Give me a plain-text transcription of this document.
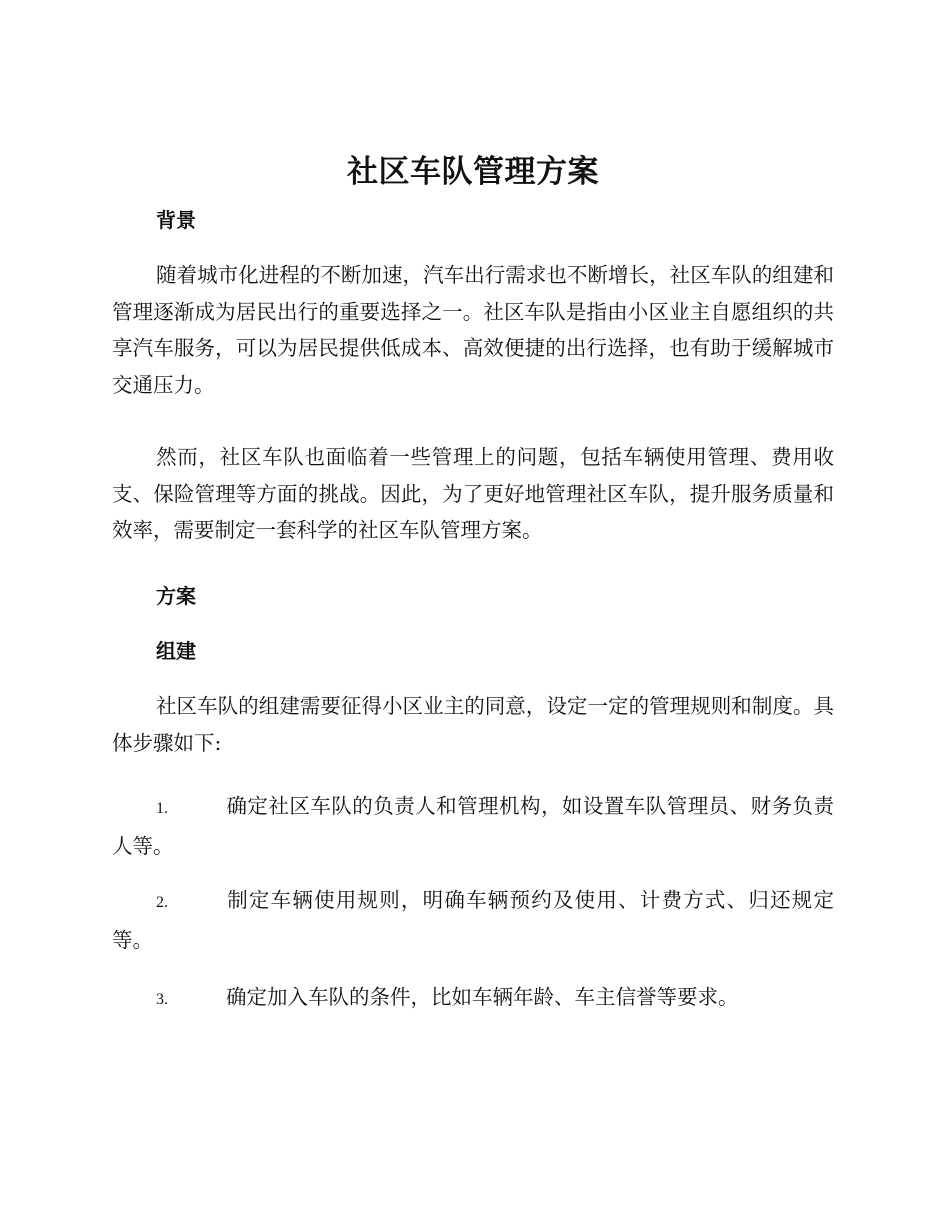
社区车队管理方案
背景

随着城市化进程的不断加速，汽车出行需求也不断增长，社区车队的组建和管理逐渐成为居民出行的重要选择之一。社区车队是指由小区业主自愿组织的共享汽车服务，可以为居民提供低成本、高效便捷的出行选择，也有助于缓解城市交通压力。

然而，社区车队也面临着一些管理上的问题，包括车辆使用管理、费用收支、保险管理等方面的挑战。因此，为了更好地管理社区车队，提升服务质量和效率，需要制定一套科学的社区车队管理方案。

方案
组建

社区车队的组建需要征得小区业主的同意，设定一定的管理规则和制度。具体步骤如下:

1.	确定社区车队的负责人和管理机构，如设置车队管理员、财务负责人等。

2.	制定车辆使用规则，明确车辆预约及使用、计费方式、归还规定等。

3.	确定加入车队的条件，比如车辆年龄、车主信誉等要求。
